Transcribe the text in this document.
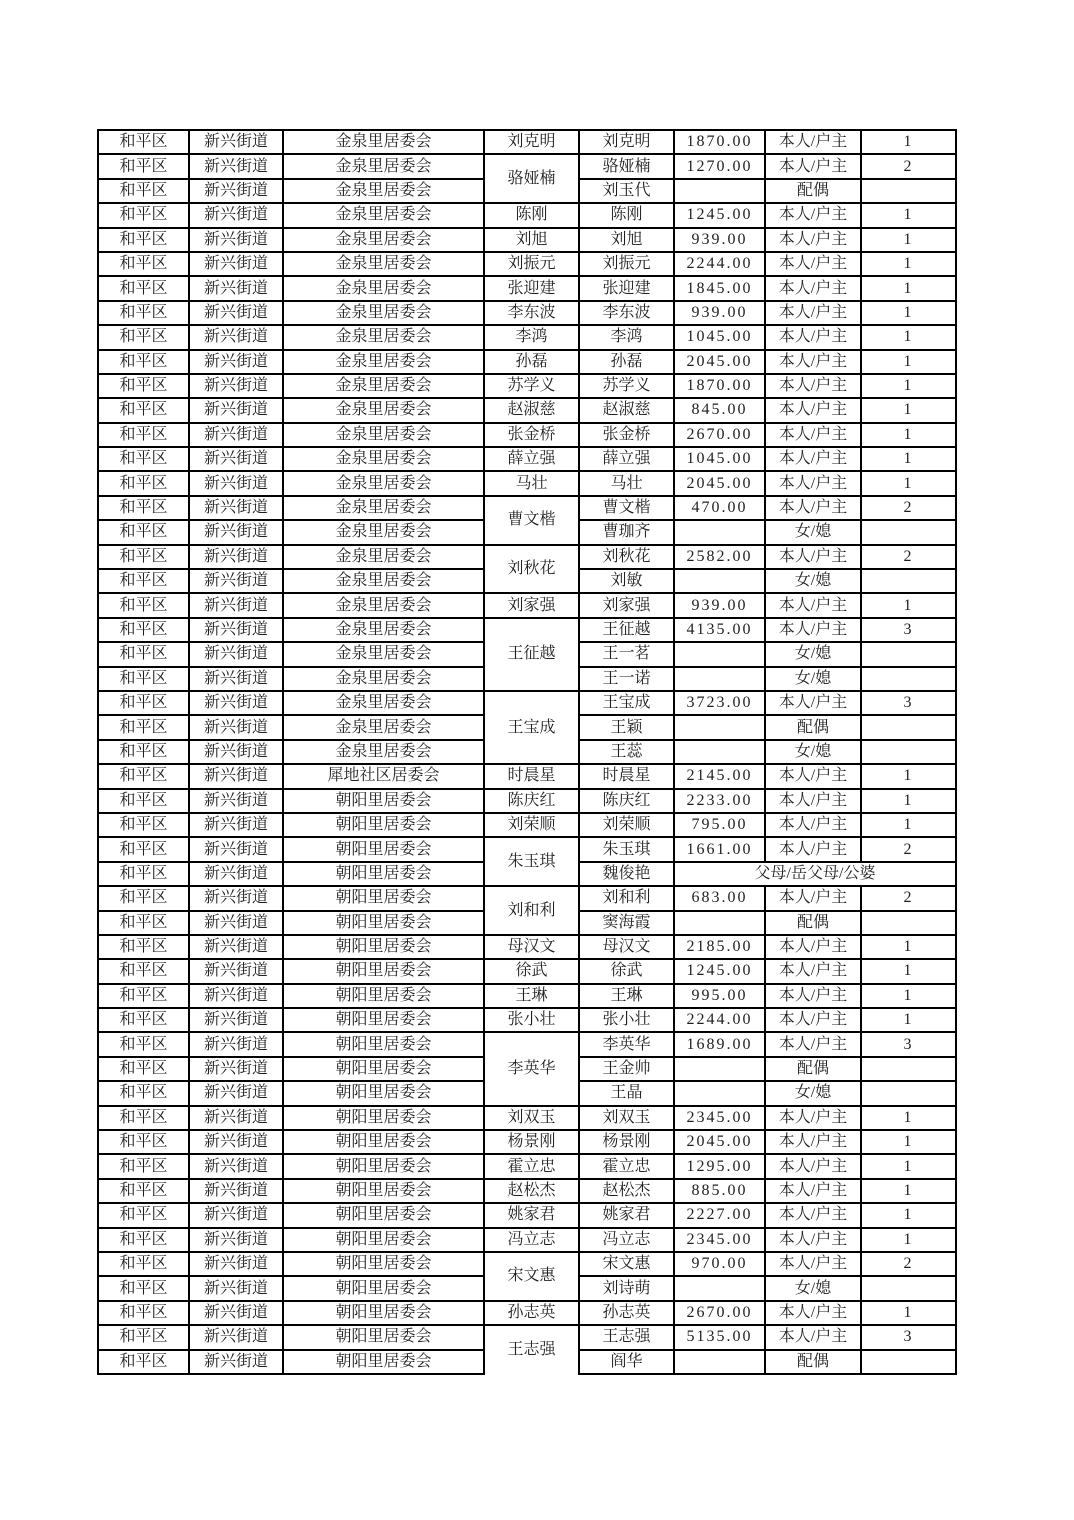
和平区	新兴街道	金泉里居委会	刘克明	刘克明	1870.00	本人/户主	1
和平区	新兴街道	金泉里居委会	骆娅楠	骆娅楠	1270.00	本人/户主	2
和平区	新兴街道	金泉里居委会		刘玉代		配偶	
和平区	新兴街道	金泉里居委会	陈刚	陈刚	1245.00	本人/户主	1
和平区	新兴街道	金泉里居委会	刘旭	刘旭	939.00	本人/户主	1
和平区	新兴街道	金泉里居委会	刘振元	刘振元	2244.00	本人/户主	1
和平区	新兴街道	金泉里居委会	张迎建	张迎建	1845.00	本人/户主	1
和平区	新兴街道	金泉里居委会	李东波	李东波	939.00	本人/户主	1
和平区	新兴街道	金泉里居委会	李鸿	李鸿	1045.00	本人/户主	1
和平区	新兴街道	金泉里居委会	孙磊	孙磊	2045.00	本人/户主	1
和平区	新兴街道	金泉里居委会	苏学义	苏学义	1870.00	本人/户主	1
和平区	新兴街道	金泉里居委会	赵淑慈	赵淑慈	845.00	本人/户主	1
和平区	新兴街道	金泉里居委会	张金桥	张金桥	2670.00	本人/户主	1
和平区	新兴街道	金泉里居委会	薛立强	薛立强	1045.00	本人/户主	1
和平区	新兴街道	金泉里居委会	马壮	马壮	2045.00	本人/户主	1
和平区	新兴街道	金泉里居委会	曹文楷	曹文楷	470.00	本人/户主	2
和平区	新兴街道	金泉里居委会		曹珈齐		女/媳	
和平区	新兴街道	金泉里居委会	刘秋花	刘秋花	2582.00	本人/户主	2
和平区	新兴街道	金泉里居委会		刘敏		女/媳	
和平区	新兴街道	金泉里居委会	刘家强	刘家强	939.00	本人/户主	1
和平区	新兴街道	金泉里居委会	王征越	王征越	4135.00	本人/户主	3
和平区	新兴街道	金泉里居委会		王一茗		女/媳	
和平区	新兴街道	金泉里居委会		王一诺		女/媳	
和平区	新兴街道	金泉里居委会	王宝成	王宝成	3723.00	本人/户主	3
和平区	新兴街道	金泉里居委会		王颖		配偶	
和平区	新兴街道	金泉里居委会		王蕊		女/媳	
和平区	新兴街道	犀地社区居委会	时晨星	时晨星	2145.00	本人/户主	1
和平区	新兴街道	朝阳里居委会	陈庆红	陈庆红	2233.00	本人/户主	1
和平区	新兴街道	朝阳里居委会	刘荣顺	刘荣顺	795.00	本人/户主	1
和平区	新兴街道	朝阳里居委会	朱玉琪	朱玉琪	1661.00	本人/户主	2
和平区	新兴街道	朝阳里居委会		魏俊艳	父母/岳父母/公婆		
和平区	新兴街道	朝阳里居委会	刘和利	刘和利	683.00	本人/户主	2
和平区	新兴街道	朝阳里居委会		窦海霞		配偶	
和平区	新兴街道	朝阳里居委会	母汉文	母汉文	2185.00	本人/户主	1
和平区	新兴街道	朝阳里居委会	徐武	徐武	1245.00	本人/户主	1
和平区	新兴街道	朝阳里居委会	王琳	王琳	995.00	本人/户主	1
和平区	新兴街道	朝阳里居委会	张小壮	张小壮	2244.00	本人/户主	1
和平区	新兴街道	朝阳里居委会	李英华	李英华	1689.00	本人/户主	3
和平区	新兴街道	朝阳里居委会		王金帅		配偶	
和平区	新兴街道	朝阳里居委会		王晶		女/媳	
和平区	新兴街道	朝阳里居委会	刘双玉	刘双玉	2345.00	本人/户主	1
和平区	新兴街道	朝阳里居委会	杨景刚	杨景刚	2045.00	本人/户主	1
和平区	新兴街道	朝阳里居委会	霍立忠	霍立忠	1295.00	本人/户主	1
和平区	新兴街道	朝阳里居委会	赵松杰	赵松杰	885.00	本人/户主	1
和平区	新兴街道	朝阳里居委会	姚家君	姚家君	2227.00	本人/户主	1
和平区	新兴街道	朝阳里居委会	冯立志	冯立志	2345.00	本人/户主	1
和平区	新兴街道	朝阳里居委会	宋文惠	宋文惠	970.00	本人/户主	2
和平区	新兴街道	朝阳里居委会		刘诗萌		女/媳	
和平区	新兴街道	朝阳里居委会	孙志英	孙志英	2670.00	本人/户主	1
和平区	新兴街道	朝阳里居委会	王志强	王志强	5135.00	本人/户主	3
和平区	新兴街道	朝阳里居委会		阎华		配偶	
